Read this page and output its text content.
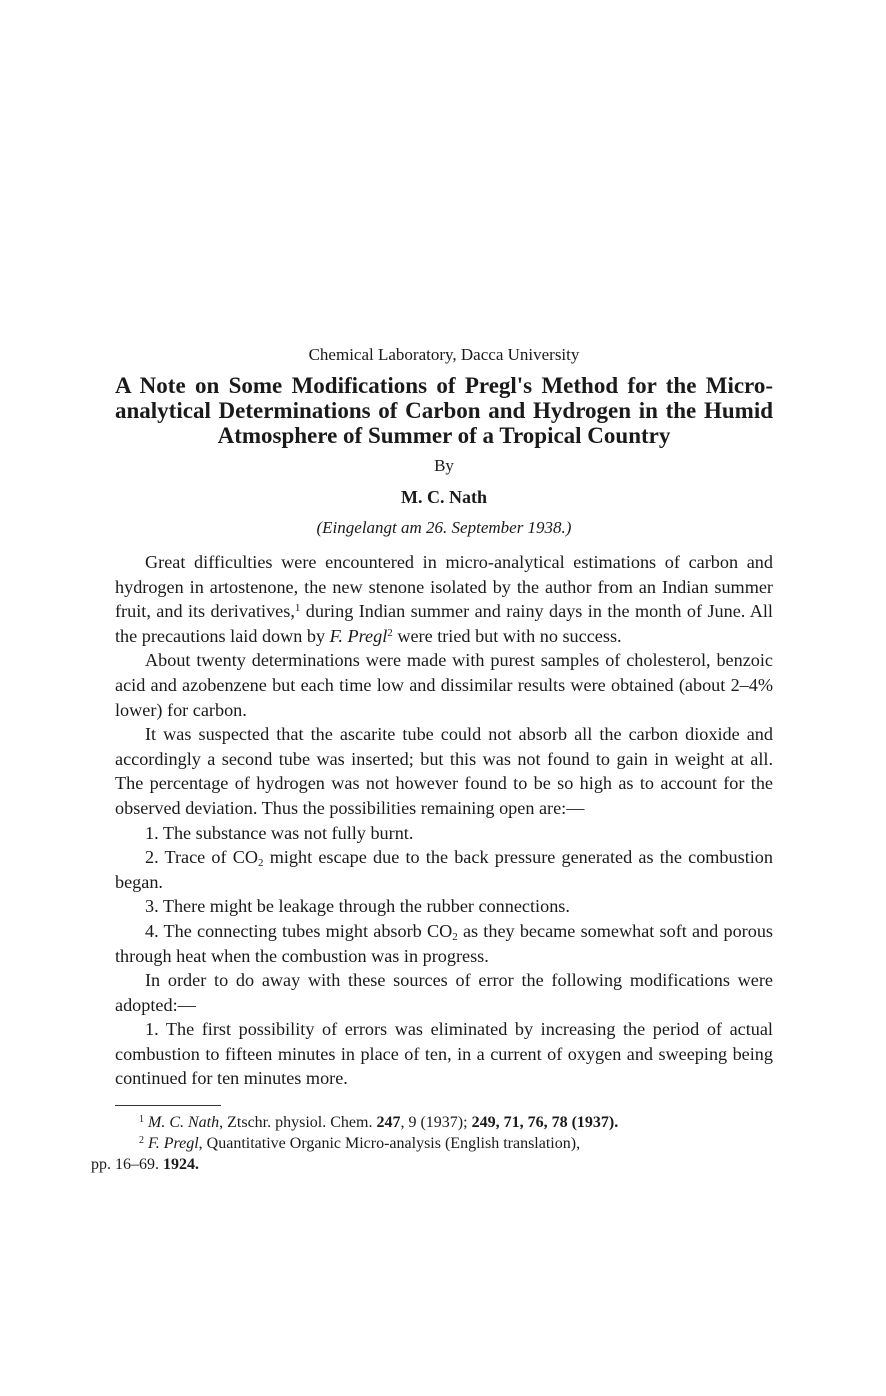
Chemical Laboratory, Dacca University
A Note on Some Modifications of Pregl's Method for the Micro-analytical Determinations of Carbon and Hydrogen in the Humid Atmosphere of Summer of a Tropical Country
By
M. C. Nath
(Eingelangt am 26. September 1938.)

Great difficulties were encountered in micro-analytical estimations of carbon and hydrogen in artostenone, the new stenone isolated by the author from an Indian summer fruit, and its derivatives,$^1$ during Indian summer and rainy days in the month of June. All the precautions laid down by F. Pregl$^2$ were tried but with no success.

About twenty determinations were made with purest samples of cholesterol, benzoic acid and azobenzene but each time low and dissimilar results were obtained (about 2–4% lower) for carbon.

It was suspected that the ascarite tube could not absorb all the carbon dioxide and accordingly a second tube was inserted; but this was not found to gain in weight at all. The percentage of hydrogen was not however found to be so high as to account for the observed deviation. Thus the possibilities remaining open are:—

1. The substance was not fully burnt.

2. Trace of $CO_2$ might escape due to the back pressure generated as the combustion began.

3. There might be leakage through the rubber connections.

4. The connecting tubes might absorb $CO_2$ as they became somewhat soft and porous through heat when the combustion was in progress.

In order to do away with these sources of error the following modifications were adopted:—

1. The first possibility of errors was eliminated by increasing the period of actual combustion to fifteen minutes in place of ten, in a current of oxygen and sweeping being continued for ten minutes more.

$^1$ M. C. Nath, Ztschr. physiol. Chem. 247, 9 (1937); 249, 71, 76, 78 (1937).

$^2$ F. Pregl, Quantitative Organic Micro-analysis (English translation),
pp. 16–69. 1924.
